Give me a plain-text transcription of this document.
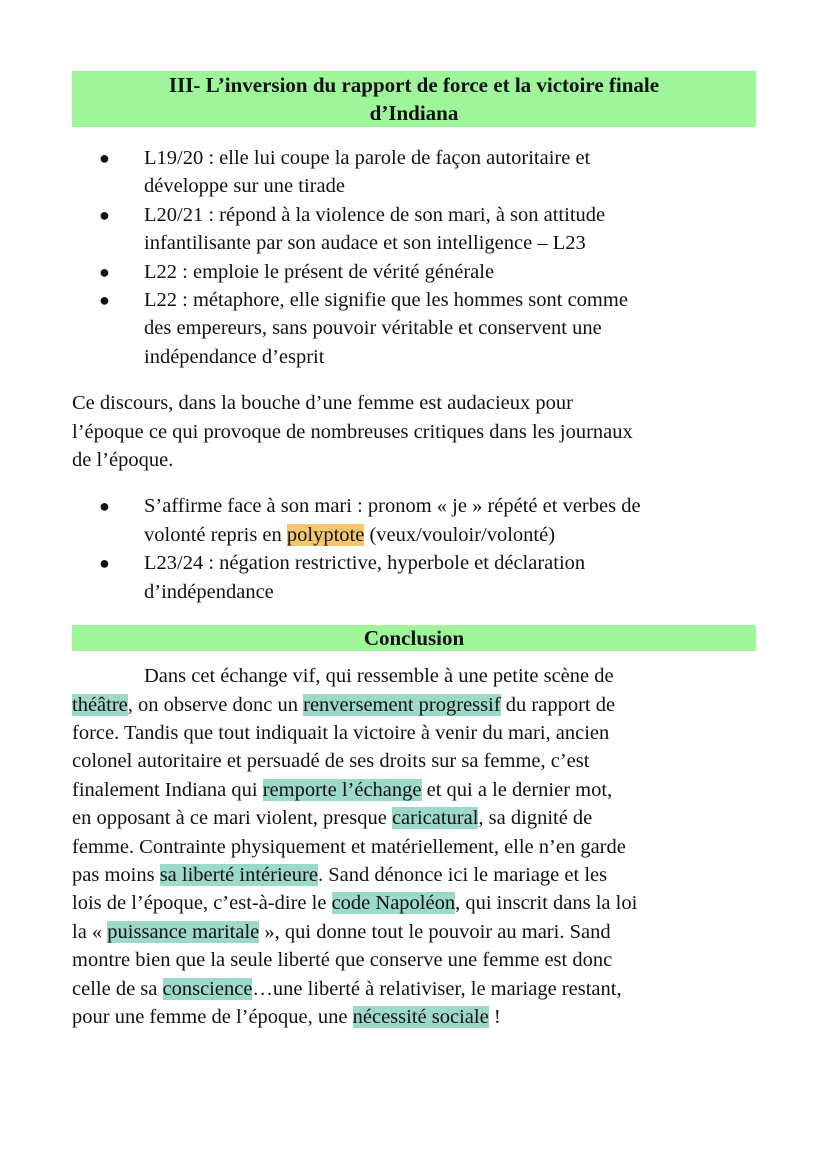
III- L’inversion du rapport de force et la victoire finale
d’Indiana
● L19/20 : elle lui coupe la parole de façon autoritaire et
développe sur une tirade
● L20/21 : répond à la violence de son mari, à son attitude
infantilisante par son audace et son intelligence – L23
● L22 : emploie le présent de vérité générale
● L22 : métaphore, elle signifie que les hommes sont comme
des empereurs, sans pouvoir véritable et conservent une
indépendance d’esprit
Ce discours, dans la bouche d’une femme est audacieux pour
l’époque ce qui provoque de nombreuses critiques dans les journaux
de l’époque.
● S’affirme face à son mari : pronom « je » répété et verbes de
volonté repris en polyptote (veux/vouloir/volonté)
● L23/24 : négation restrictive, hyperbole et déclaration
d’indépendance
Conclusion
Dans cet échange vif, qui ressemble à une petite scène de
théâtre, on observe donc un renversement progressif du rapport de
force. Tandis que tout indiquait la victoire à venir du mari, ancien
colonel autoritaire et persuadé de ses droits sur sa femme, c’est
finalement Indiana qui remporte l’échange et qui a le dernier mot,
en opposant à ce mari violent, presque caricatural, sa dignité de
femme. Contrainte physiquement et matériellement, elle n’en garde
pas moins sa liberté intérieure. Sand dénonce ici le mariage et les
lois de l’époque, c’est-à-dire le code Napoléon, qui inscrit dans la loi
la « puissance maritale », qui donne tout le pouvoir au mari. Sand
montre bien que la seule liberté que conserve une femme est donc
celle de sa conscience…une liberté à relativiser, le mariage restant,
pour une femme de l’époque, une nécessité sociale !
